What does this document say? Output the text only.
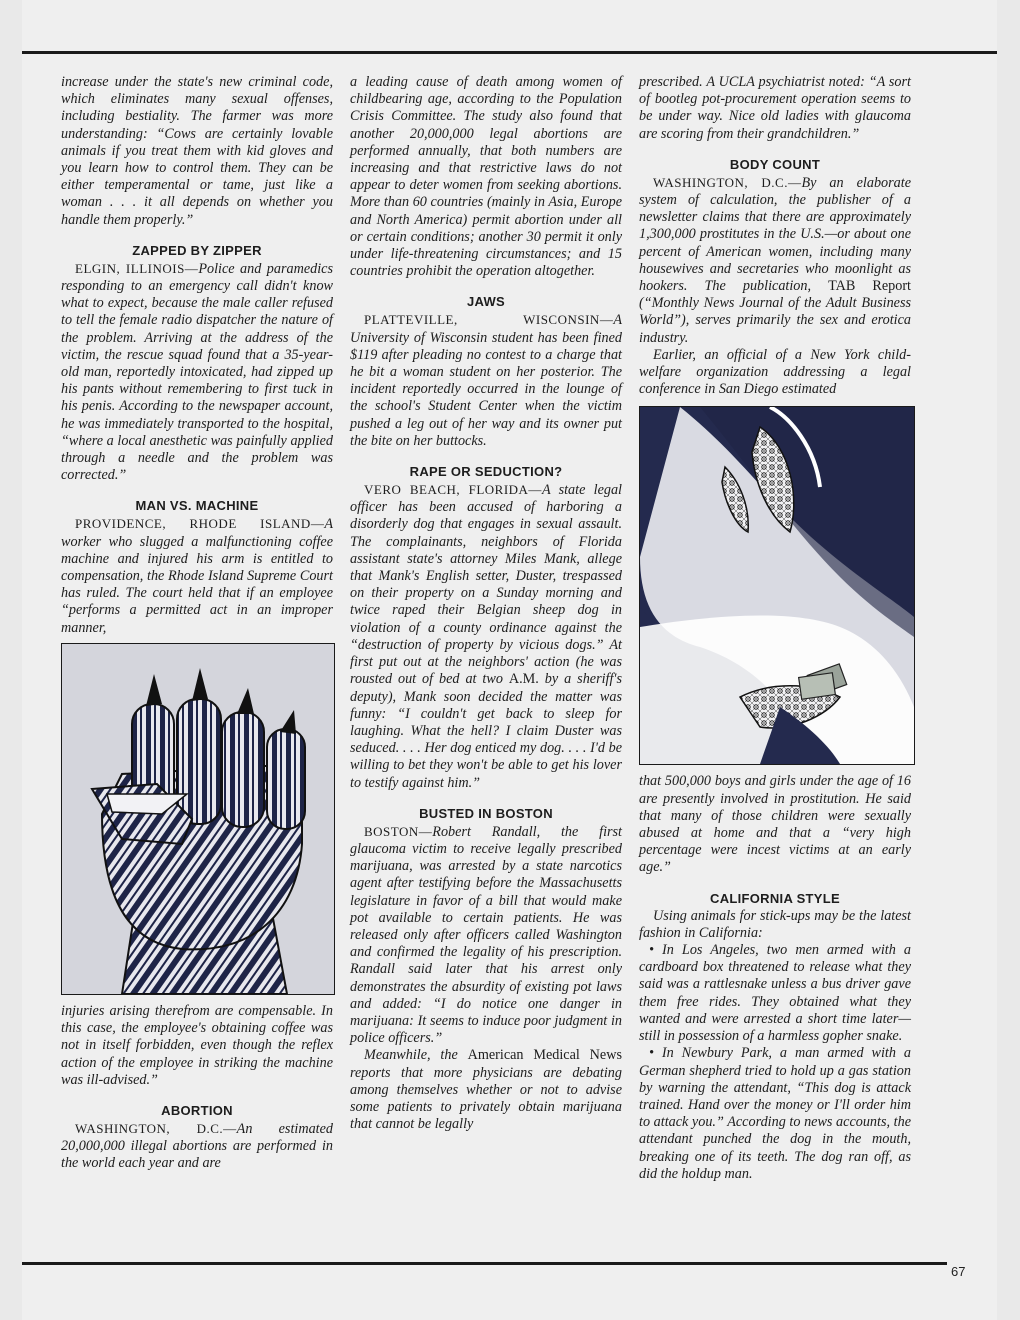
increase under the state's new criminal code, which eliminates many sexual offenses, including bestiality. The farmer was more understanding: “Cows are certainly lovable animals if you treat them with kid gloves and you learn how to control them. They can be either temperamental or tame, just like a woman . . . it all depends on whether you handle them properly.”

ZAPPED BY ZIPPER

ELGIN, ILLINOIS—Police and paramedics responding to an emergency call didn't know what to expect, because the male caller refused to tell the female radio dispatcher the nature of the problem. Arriving at the address of the victim, the rescue squad found that a 35-year-old man, reportedly intoxicated, had zipped up his pants without remembering to first tuck in his penis. According to the newspaper account, he was immediately transported to the hospital, “where a local anesthetic was painfully applied through a needle and the problem was corrected.”

MAN VS. MACHINE

PROVIDENCE, RHODE ISLAND—A worker who slugged a malfunctioning coffee machine and injured his arm is entitled to compensation, the Rhode Island Supreme Court has ruled. The court held that if an employee “performs a permitted act in an improper manner,

injuries arising therefrom are compensable. In this case, the employee's obtaining coffee was not in itself forbidden, even though the reflex action of the employee in striking the machine was ill-advised.”

ABORTION

WASHINGTON, D.C.—An estimated 20,000,000 illegal abortions are performed in the world each year and are

a leading cause of death among women of childbearing age, according to the Population Crisis Committee. The study also found that another 20,000,000 legal abortions are performed annually, that both numbers are increasing and that restrictive laws do not appear to deter women from seeking abortions. More than 60 countries (mainly in Asia, Europe and North America) permit abortion under all or certain conditions; another 30 permit it only under life-threatening circumstances; and 15 countries prohibit the operation altogether.

JAWS

PLATTEVILLE, WISCONSIN—A University of Wisconsin student has been fined $119 after pleading no contest to a charge that he bit a woman student on her posterior. The incident reportedly occurred in the lounge of the school's Student Center when the victim pushed a leg out of her way and its owner put the bite on her buttocks.

RAPE OR SEDUCTION?

VERO BEACH, FLORIDA—A state legal officer has been accused of harboring a disorderly dog that engages in sexual assault. The complainants, neighbors of Florida assistant state's attorney Miles Mank, allege that Mank's English setter, Duster, trespassed on their property on a Sunday morning and twice raped their Belgian sheep dog in violation of a county ordinance against the “destruction of property by vicious dogs.” At first put out at the neighbors' action (he was rousted out of bed at two A.M. by a sheriff's deputy), Mank soon decided the matter was funny: “I couldn't get back to sleep for laughing. What the hell? I claim Duster was seduced. . . . Her dog enticed my dog. . . . I'd be willing to bet they won't be able to get his lover to testify against him.”

BUSTED IN BOSTON

BOSTON—Robert Randall, the first glaucoma victim to receive legally prescribed marijuana, was arrested by a state narcotics agent after testifying before the Massachusetts legislature in favor of a bill that would make pot available to certain patients. He was released only after officers called Washington and confirmed the legality of his prescription. Randall said later that his arrest only demonstrates the absurdity of existing pot laws and added: “I do notice one danger in marijuana: It seems to induce poor judgment in police officers.”

Meanwhile, the American Medical News reports that more physicians are debating among themselves whether or not to advise some patients to privately obtain marijuana that cannot be legally

prescribed. A UCLA psychiatrist noted: “A sort of bootleg pot-procurement operation seems to be under way. Nice old ladies with glaucoma are scoring from their grandchildren.”

BODY COUNT

WASHINGTON, D.C.—By an elaborate system of calculation, the publisher of a newsletter claims that there are approximately 1,300,000 prostitutes in the U.S.—or about one percent of American women, including many housewives and secretaries who moonlight as hookers. The publication, TAB Report (“Monthly News Journal of the Adult Business World”), serves primarily the sex and erotica industry.

Earlier, an official of a New York child-welfare organization addressing a legal conference in San Diego estimated

that 500,000 boys and girls under the age of 16 are presently involved in prostitution. He said that many of those children were sexually abused at home and that a “very high percentage were incest victims at an early age.”

CALIFORNIA STYLE

Using animals for stick-ups may be the latest fashion in California:

• In Los Angeles, two men armed with a cardboard box threatened to release what they said was a rattlesnake unless a bus driver gave them free rides. They obtained what they wanted and were arrested a short time later—still in possession of a harmless gopher snake.

• In Newbury Park, a man armed with a German shepherd tried to hold up a gas station by warning the attendant, “This dog is attack trained. Hand over the money or I'll order him to attack you.” According to news accounts, the attendant punched the dog in the mouth, breaking one of its teeth. The dog ran off, as did the holdup man.

67
